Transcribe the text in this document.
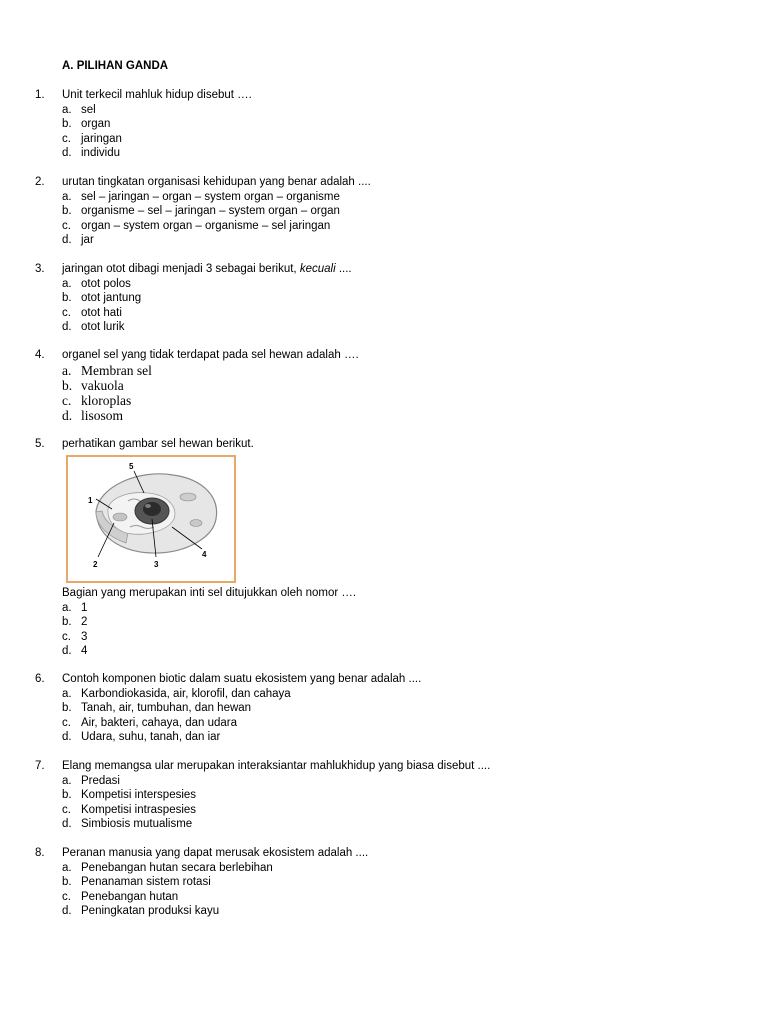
A. PILIHAN GANDA
1. Unit terkecil mahluk hidup disebut ….
a. sel
b. organ
c. jaringan
d. individu
2. urutan tingkatan organisasi kehidupan yang benar adalah ....
a. sel – jaringan – organ – system organ – organisme
b. organisme – sel – jaringan – system organ – organ
c. organ – system organ – organisme – sel jaringan
d. jar
3. jaringan otot dibagi menjadi 3 sebagai berikut, kecuali ....
a. otot polos
b. otot jantung
c. otot hati
d. otot lurik
4. organel sel yang tidak terdapat pada sel hewan adalah ….
a. Membran sel
b. vakuola
c. kloroplas
d. lisosom
5. perhatikan gambar sel hewan berikut.
1
2	3
4
5
Bagian yang merupakan inti sel ditujukkan oleh nomor ….
a. 1
b. 2
c. 3
d. 4
6. Contoh komponen biotic dalam suatu ekosistem yang benar adalah ....
a. Karbondiokasida, air, klorofil, dan cahaya
b. Tanah, air, tumbuhan, dan hewan
c. Air, bakteri, cahaya, dan udara
d. Udara, suhu, tanah, dan iar
7. Elang memangsa ular merupakan interaksiantar mahlukhidup yang biasa disebut ....
a. Predasi
b. Kompetisi interspesies
c. Kompetisi intraspesies
d. Simbiosis mutualisme
8. Peranan manusia yang dapat merusak ekosistem adalah ....
a. Penebangan hutan secara berlebihan
b. Penanaman sistem rotasi
c. Penebangan hutan
d. Peningkatan produksi kayu
